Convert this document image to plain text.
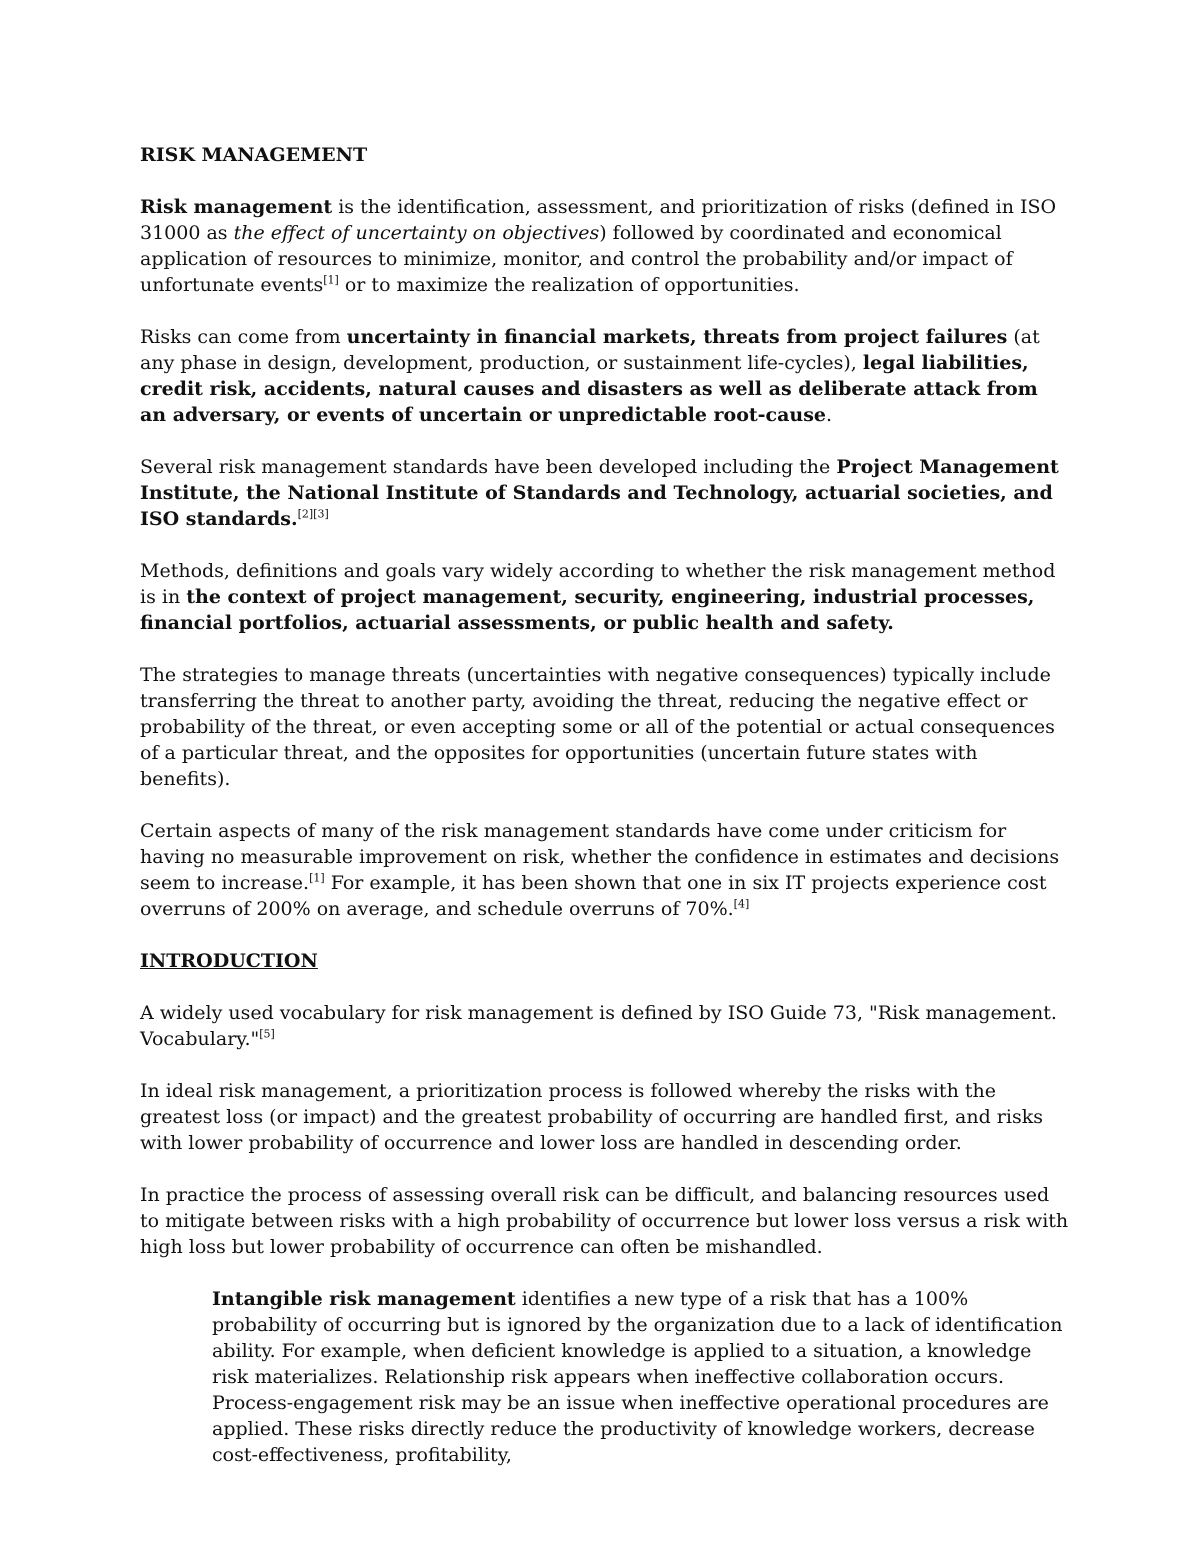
RISK MANAGEMENT

Risk management is the identification, assessment, and prioritization of risks (defined in ISO 31000 as the effect of uncertainty on objectives) followed by coordinated and economical application of resources to minimize, monitor, and control the probability and/or impact of unfortunate events[1] or to maximize the realization of opportunities.

Risks can come from uncertainty in financial markets, threats from project failures (at any phase in design, development, production, or sustainment life-cycles), legal liabilities, credit risk, accidents, natural causes and disasters as well as deliberate attack from an adversary, or events of uncertain or unpredictable root-cause.

Several risk management standards have been developed including the Project Management Institute, the National Institute of Standards and Technology, actuarial societies, and ISO standards.[2][3]

Methods, definitions and goals vary widely according to whether the risk management method is in the context of project management, security, engineering, industrial processes, financial portfolios, actuarial assessments, or public health and safety.

The strategies to manage threats (uncertainties with negative consequences) typically include transferring the threat to another party, avoiding the threat, reducing the negative effect or probability of the threat, or even accepting some or all of the potential or actual consequences of a particular threat, and the opposites for opportunities (uncertain future states with benefits).

Certain aspects of many of the risk management standards have come under criticism for having no measurable improvement on risk, whether the confidence in estimates and decisions seem to increase.[1] For example, it has been shown that one in six IT projects experience cost overruns of 200% on average, and schedule overruns of 70%.[4]

INTRODUCTION

A widely used vocabulary for risk management is defined by ISO Guide 73, "Risk management. Vocabulary."[5]

In ideal risk management, a prioritization process is followed whereby the risks with the greatest loss (or impact) and the greatest probability of occurring are handled first, and risks with lower probability of occurrence and lower loss are handled in descending order.

In practice the process of assessing overall risk can be difficult, and balancing resources used to mitigate between risks with a high probability of occurrence but lower loss versus a risk with high loss but lower probability of occurrence can often be mishandled.

Intangible risk management identifies a new type of a risk that has a 100% probability of occurring but is ignored by the organization due to a lack of identification ability. For example, when deficient knowledge is applied to a situation, a knowledge risk materializes. Relationship risk appears when ineffective collaboration occurs. Process-engagement risk may be an issue when ineffective operational procedures are applied. These risks directly reduce the productivity of knowledge workers, decrease cost-effectiveness, profitability,
